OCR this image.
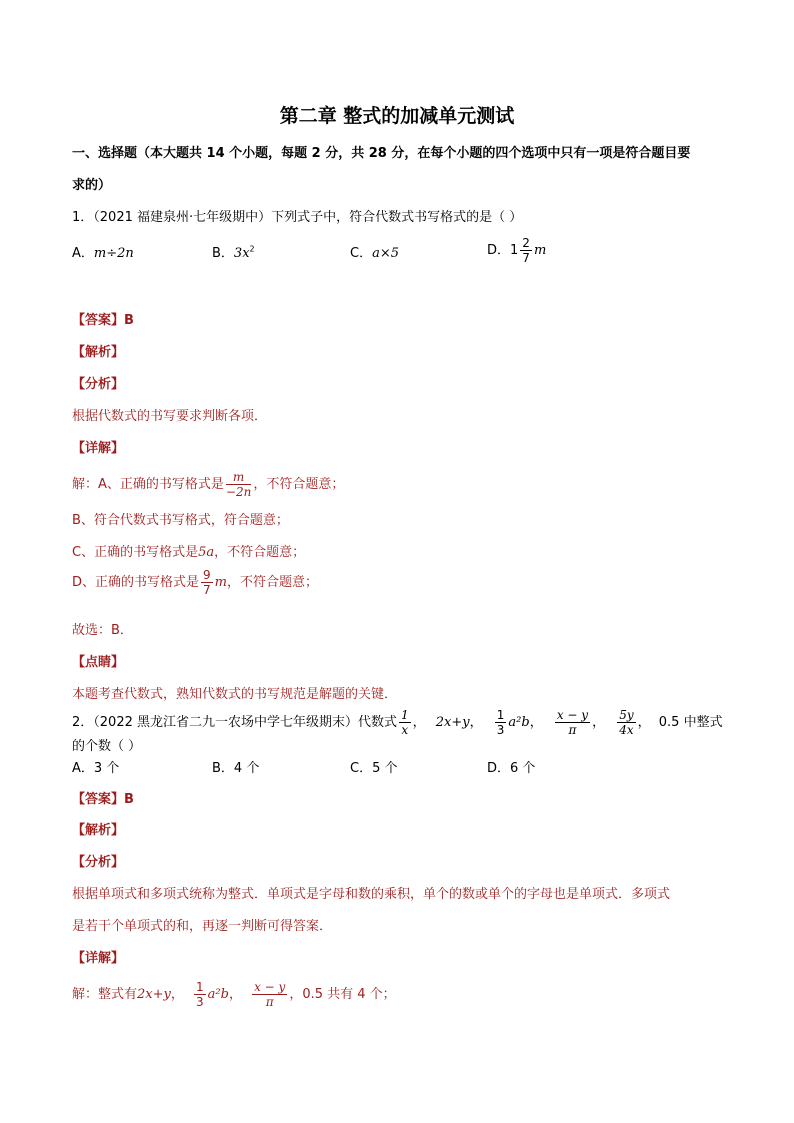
第二章 整式的加减单元测试
一、选择题（本大题共 14 个小题，每题 2 分，共 28 分，在每个小题的四个选项中只有一项是符合题目要
求的）
1．（2021 福建泉州·七年级期中）下列式子中，符合代数式书写格式的是（ ）
A．m÷2n	B．$3x^2$	C．a×5	D．$1 \frac{2}{7}$ m
【答案】B
【解析】
【分析】
根据代数式的书写要求判断各项．
【详解】
解：A、正确的书写格式是 $\frac{m}{-2n}$ ，不符合题意；
B、符合代数式书写格式，符合题意；
C、正确的书写格式是5a，不符合题意；
D、正确的书写格式是 $\frac{9}{7}$ m，不符合题意；
故选：B．
【点睛】
本题考查代数式，熟知代数式的书写规范是解题的关键．
2．（2022 黑龙江省二九一农场中学七年级期末）代数式 $\frac{1}{x}$ ， 2x+y， $\frac{1}{3} a^2b$， $\frac{x - y}{\pi}$ ， $\frac{5y}{4x}$ ， 0.5 中整式
的个数（ ）
A．3 个	B．4 个	C．5 个	D．6 个
【答案】B
【解析】
【分析】
根据单项式和多项式统称为整式．单项式是字母和数的乘积，单个的数或单个的字母也是单项式．多项式
是若干个单项式的和，再逐一判断可得答案．
【详解】
解：整式有2x+y， $\frac{1}{3} a^2b$， $\frac{x - y}{\pi}$ ，0.5 共有 4 个；
